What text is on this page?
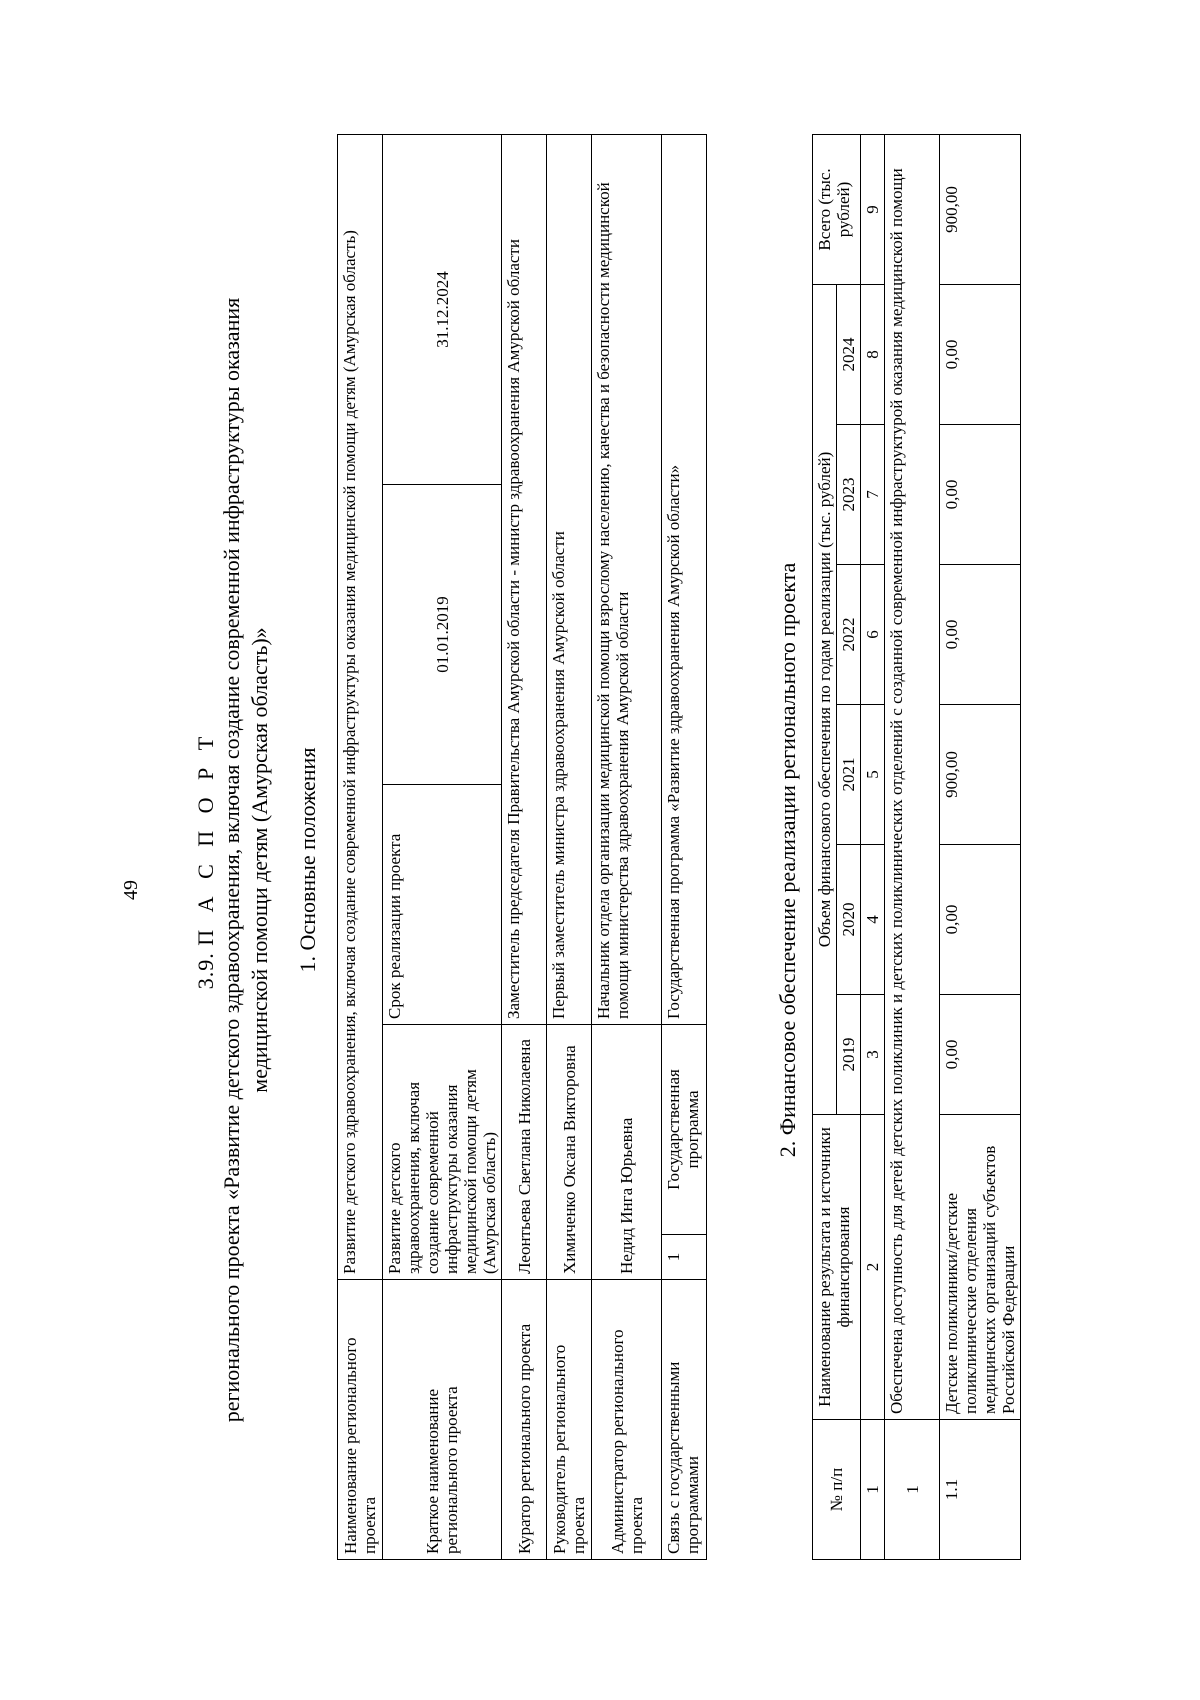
49
3.9. П А С П О Р Т регионального проекта «Развитие детского здравоохранения, включая создание современной инфраструктуры оказания медицинской помощи детям (Амурская область)» 1. Основные положения
Наименование регионального проекта	Развитие детского здравоохранения, включая создание современной инфраструктуры оказания медицинской помощи детям (Амурская область)				
Краткое наименование регионального проекта	Развитие детского здравоохранения, включая создание современной инфраструктуры оказания медицинской помощи детям (Амурская область)		Срок реализации проекта	01.01.2019	31.12.2024
Куратор регионального проекта	Леонтьева Светлана Николаевна		Заместитель председателя Правительства Амурской области - министр здравоохранения Амурской области		
Руководитель регионального проекта	Химиченко Оксана Викторовна		Первый заместитель министра здравоохранения Амурской области		
Администратор регионального проекта	Недид Инга Юрьевна		Начальник отдела организации медицинской помощи взрослому населению, качества и безопасности медицинской помощи министерства здравоохранения Амурской области		
Связь с государственными программами	1	Государственная программа	Государственная программа «Развитие здравоохранения Амурской области»			2. Финансовое обеспечение реализации регионального проекта
№ п/п	Наименование результата и источники финансирования	Объем финансового обеспечения по годам реализации (тыс. рублей)						Всего (тыс. рублей)
		2019	2020	2021	2022	2023	2024	
1	2	3	4	5	6	7	8	9
1	Обеспечена доступность для детей детских поликлиник и детских поликлинических отделений с созданной современной инфраструктурой оказания медицинской помощи							
1.1	Детские поликлиники/детские поликлинические отделения медицинских организаций субъектов Российской Федерации	0,00	0,00	900,00	0,00	0,00	0,00	900,00
